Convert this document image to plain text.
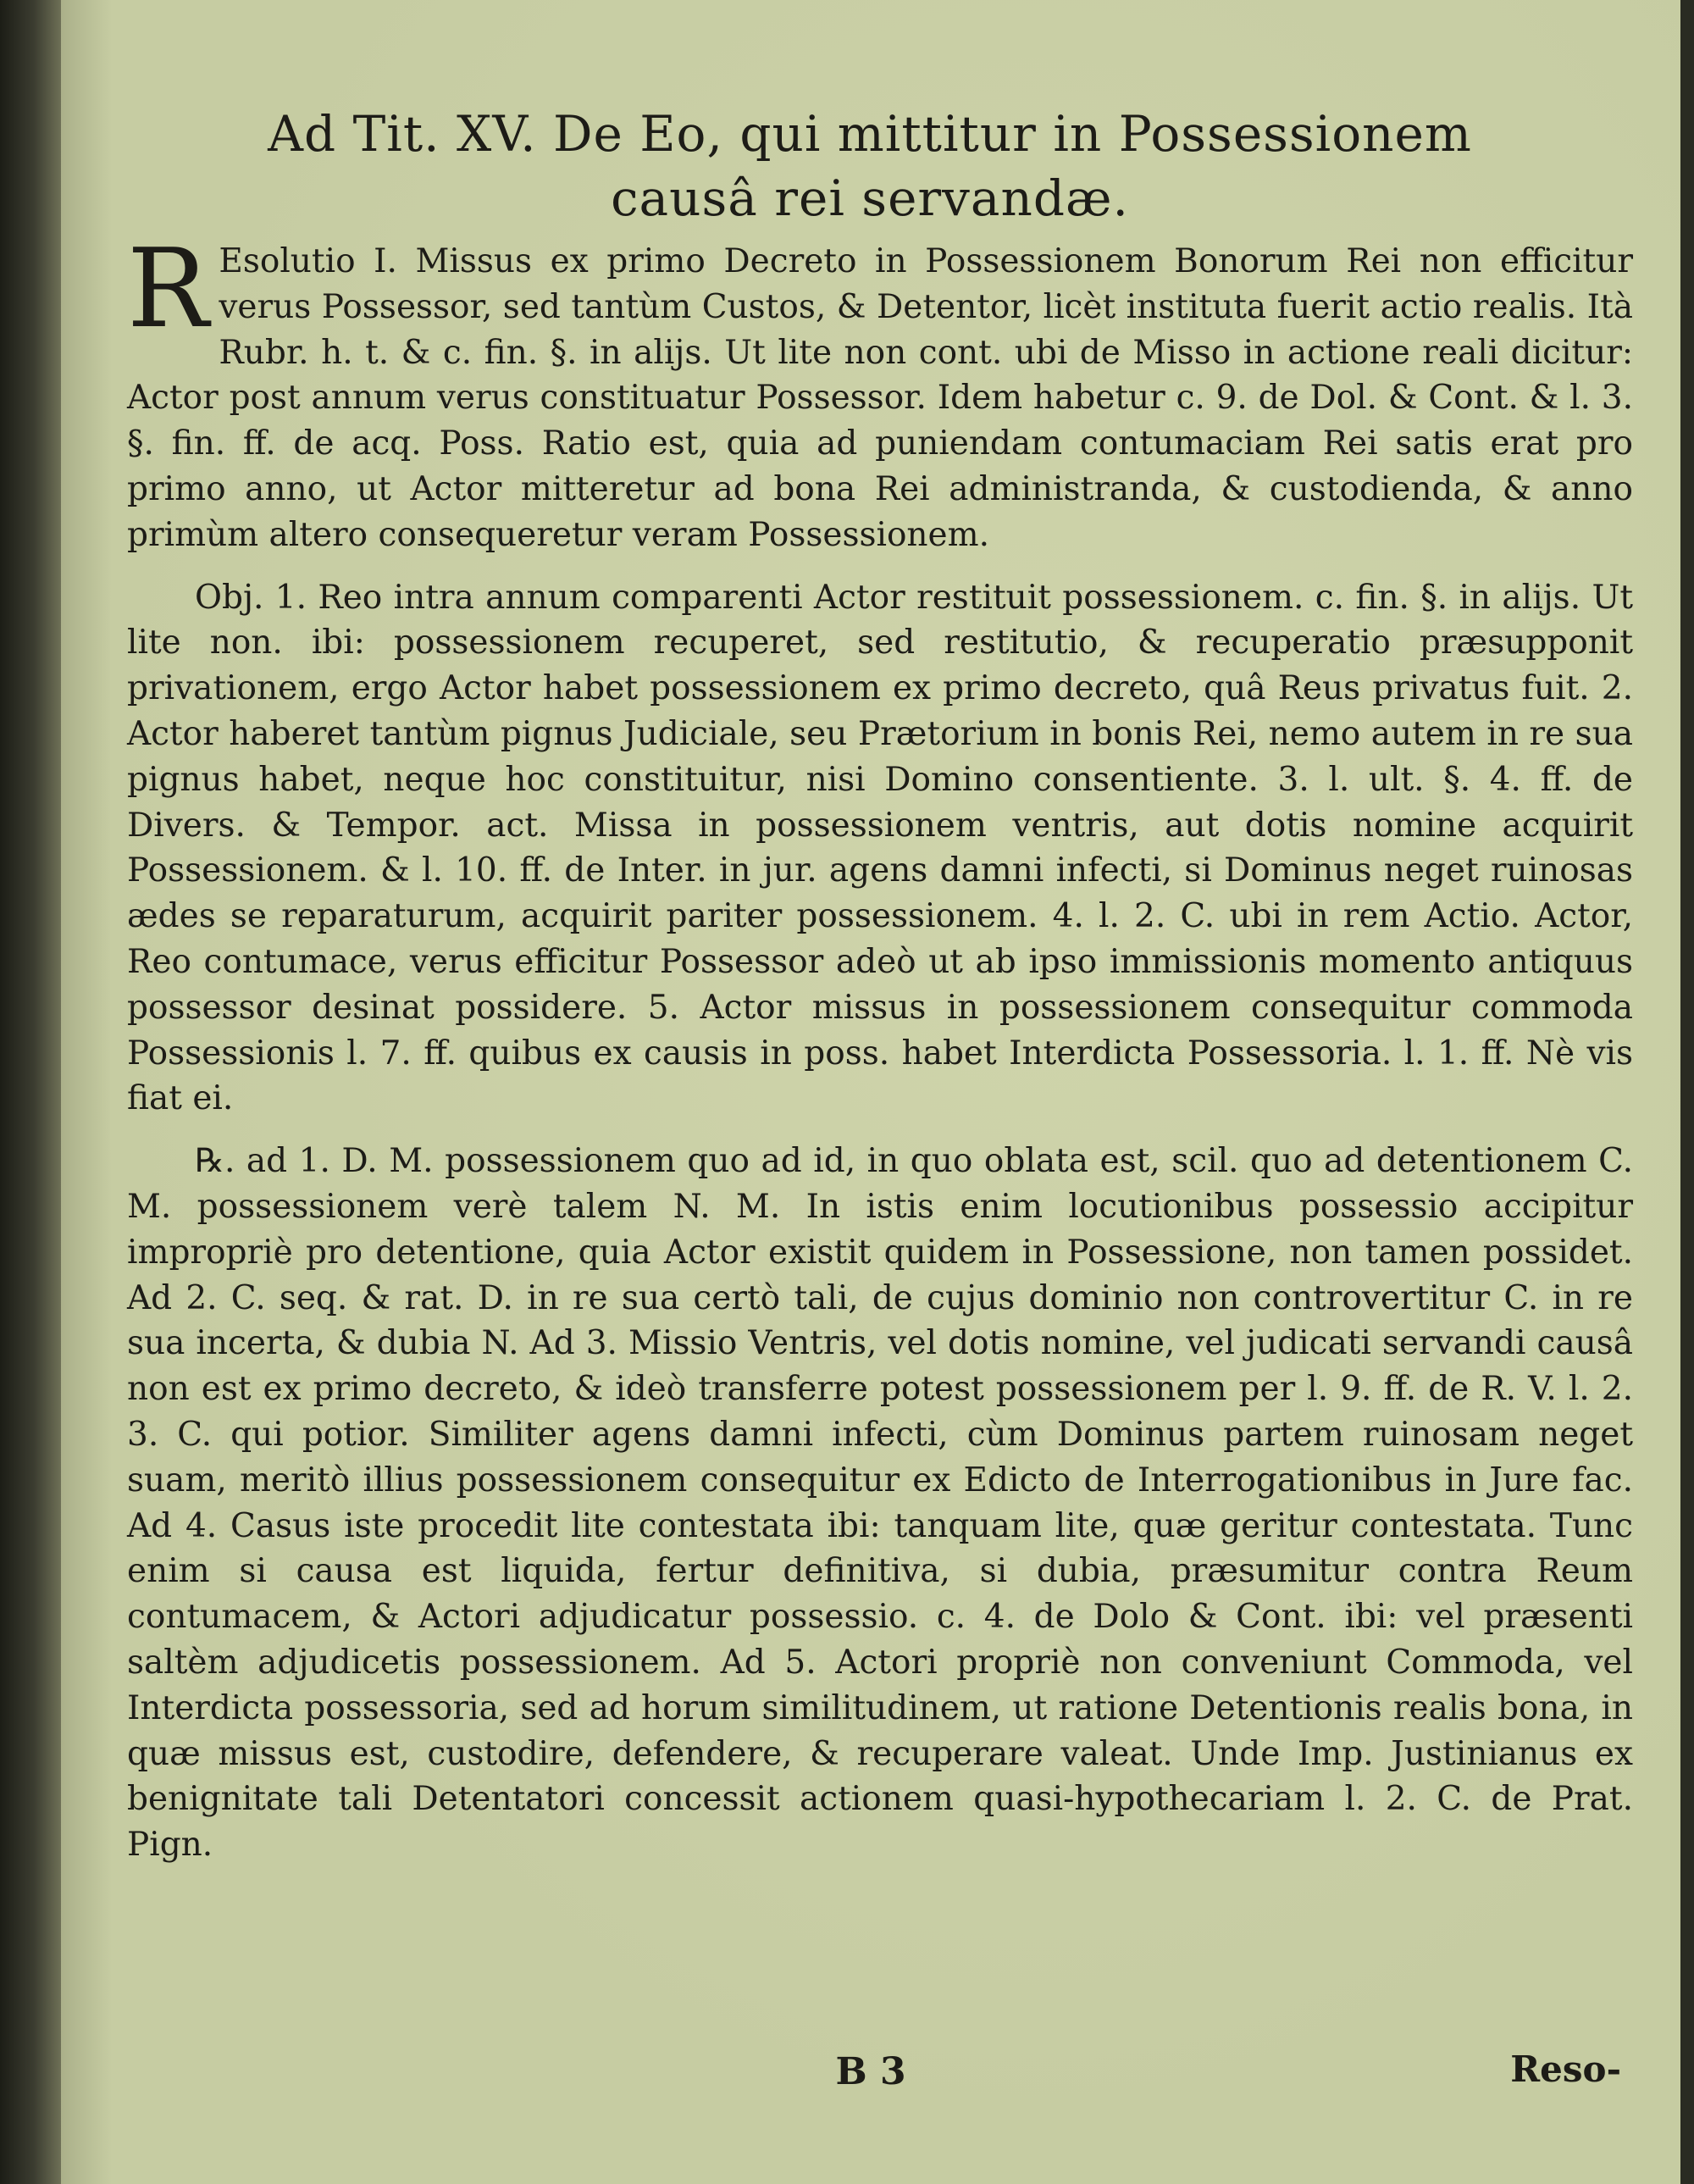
Ad Tit. XV. De Eo, qui mittitur in Possessionem
causâ rei servandæ.

R Esolutio I. Missus ex primo Decreto in Possessionem Bonorum Rei non efficitur verus Possessor, sed tantùm Custos, & Detentor, licèt instituta fuerit actio realis. Ità Rubr. h. t. & c. fin. §. in alijs. Ut lite non cont. ubi de Misso in actione reali dicitur: Actor post annum verus constituatur Possessor. Idem habetur c. 9. de Dol. & Cont. & l. 3. §. fin. ff. de acq. Poss. Ratio est, quia ad puniendam contumaciam Rei satis erat pro primo anno, ut Actor mitteretur ad bona Rei administranda, & custodienda, & anno primùm altero consequeretur veram Possessionem.

Obj. 1. Reo intra annum comparenti Actor restituit possessionem. c. fin. §. in alijs. Ut lite non. ibi: possessionem recuperet, sed restitutio, & recuperatio præsupponit privationem, ergo Actor habet possessionem ex primo decreto, quâ Reus privatus fuit. 2. Actor haberet tantùm pignus Judiciale, seu Prætorium in bonis Rei, nemo autem in re sua pignus habet, neque hoc constituitur, nisi Domino consentiente. 3. l. ult. §. 4. ff. de Divers. & Tempor. act. Missa in possessionem ventris, aut dotis nomine acquirit Possessionem. & l. 10. ff. de Inter. in jur. agens damni infecti, si Dominus neget ruinosas ædes se reparaturum, acquirit pariter possessionem. 4. l. 2. C. ubi in rem Actio. Actor, Reo contumace, verus efficitur Possessor adeò ut ab ipso immissionis momento antiquus possessor desinat possidere. 5. Actor missus in possessionem consequitur commoda Possessionis l. 7. ff. quibus ex causis in poss. habet Interdicta Possessoria. l. 1. ff. Nè vis fiat ei.

℞. ad 1. D. M. possessionem quo ad id, in quo oblata est, scil. quo ad detentionem C. M. possessionem verè talem N. M. In istis enim locutionibus possessio accipitur impropriè pro detentione, quia Actor existit quidem in Possessione, non tamen possidet. Ad 2. C. seq. & rat. D. in re sua certò tali, de cujus dominio non controvertitur C. in re sua incerta, & dubia N. Ad 3. Missio Ventris, vel dotis nomine, vel judicati servandi causâ non est ex primo decreto, & ideò transferre potest possessionem per l. 9. ff. de R. V. l. 2. 3. C. qui potior. Similiter agens damni infecti, cùm Dominus partem ruinosam neget suam, meritò illius possessionem consequitur ex Edicto de Interrogationibus in Jure fac. Ad 4. Casus iste procedit lite contestata ibi: tanquam lite, quæ geritur contestata. Tunc enim si causa est liquida, fertur definitiva, si dubia, præsumitur contra Reum contumacem, & Actori adjudicatur possessio. c. 4. de Dolo & Cont. ibi: vel præsenti saltèm adjudicetis possessionem. Ad 5. Actori propriè non conveniunt Commoda, vel Interdicta possessoria, sed ad horum similitudinem, ut ratione Detentionis realis bona, in quæ missus est, custodire, defendere, & recuperare valeat. Unde Imp. Justinianus ex benignitate tali Detentatori concessit actionem quasi-hypothecariam l. 2. C. de Prat. Pign.

B 3	Reso-
